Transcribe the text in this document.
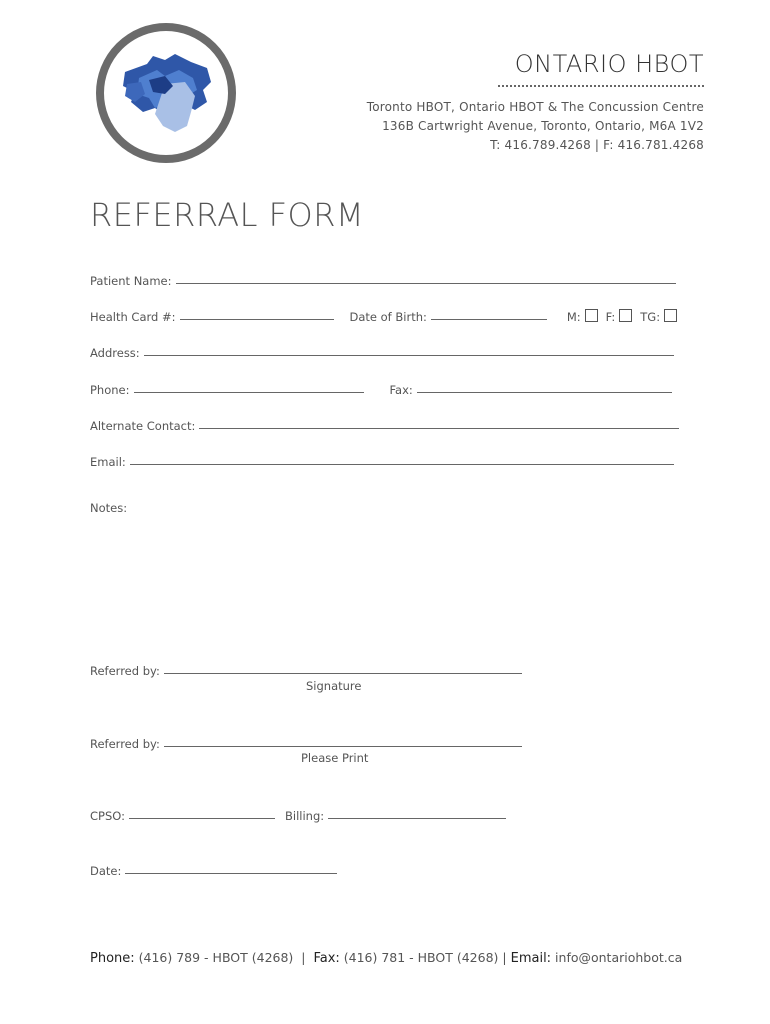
ONTARIO HBOT
Toronto HBOT, Ontario HBOT & The Concussion Centre
136B Cartwright Avenue, Toronto, Ontario, M6A 1V2
T: 416.789.4268 | F: 416.781.4268
REFERRAL FORM
Patient Name:
Health Card #:	Date of Birth:	M: F: TG:
Address:
Phone:	Fax:
Alternate Contact:
Email:
Notes:
Referred by:
Signature
Referred by:
Please Print
CPSO:	Billing:
Date:
Phone: (416) 789 - HBOT (4268) | Fax: (416) 781 - HBOT (4268) | Email: info@ontariohbot.ca
